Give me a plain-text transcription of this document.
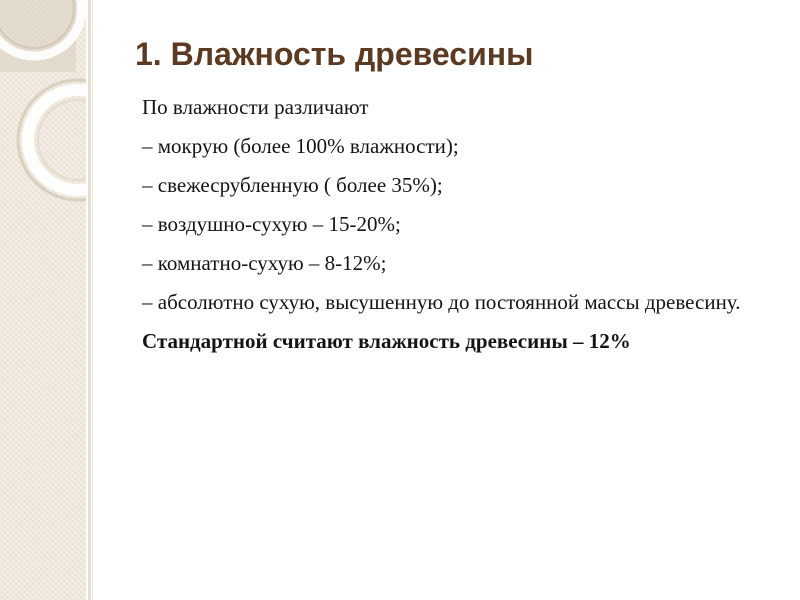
1. Влажность древесины
По влажности различают
– мокрую (более 100% влажности);
– свежесрубленную ( более 35%);
– воздушно-сухую – 15-20%;
– комнатно-сухую – 8-12%;
– абсолютно сухую, высушенную до постоянной массы древесину.
Стандартной считают влажность древесины – 12%
